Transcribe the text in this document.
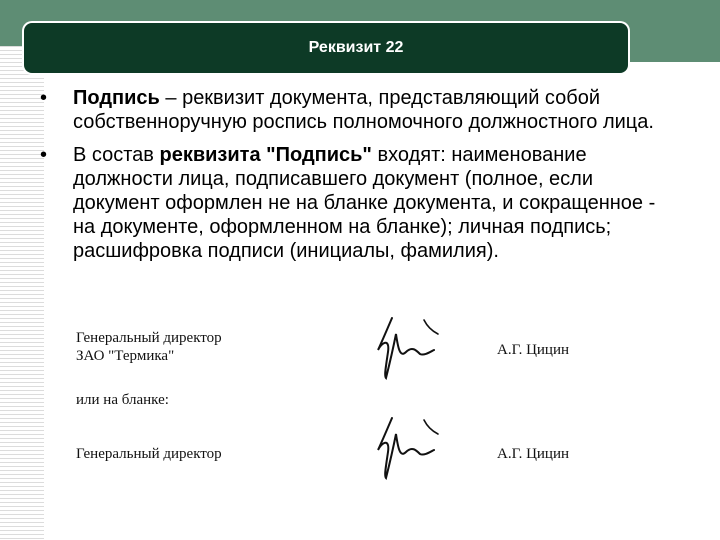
Реквизит 22

• Подпись – реквизит документа, представляющий собой собственноручную роспись полномочного должностного лица.

• В состав реквизита "Подпись" входят: наименование должности лица, подписавшего документ (полное, если документ оформлен не на бланке документа, и сокращенное - на документе, оформленном на бланке); личная подпись; расшифровка подписи (инициалы, фамилия).

Генеральный директор
ЗАО "Термика"	А.Г. Цицин
или на бланке:
Генеральный директор	А.Г. Цицин
